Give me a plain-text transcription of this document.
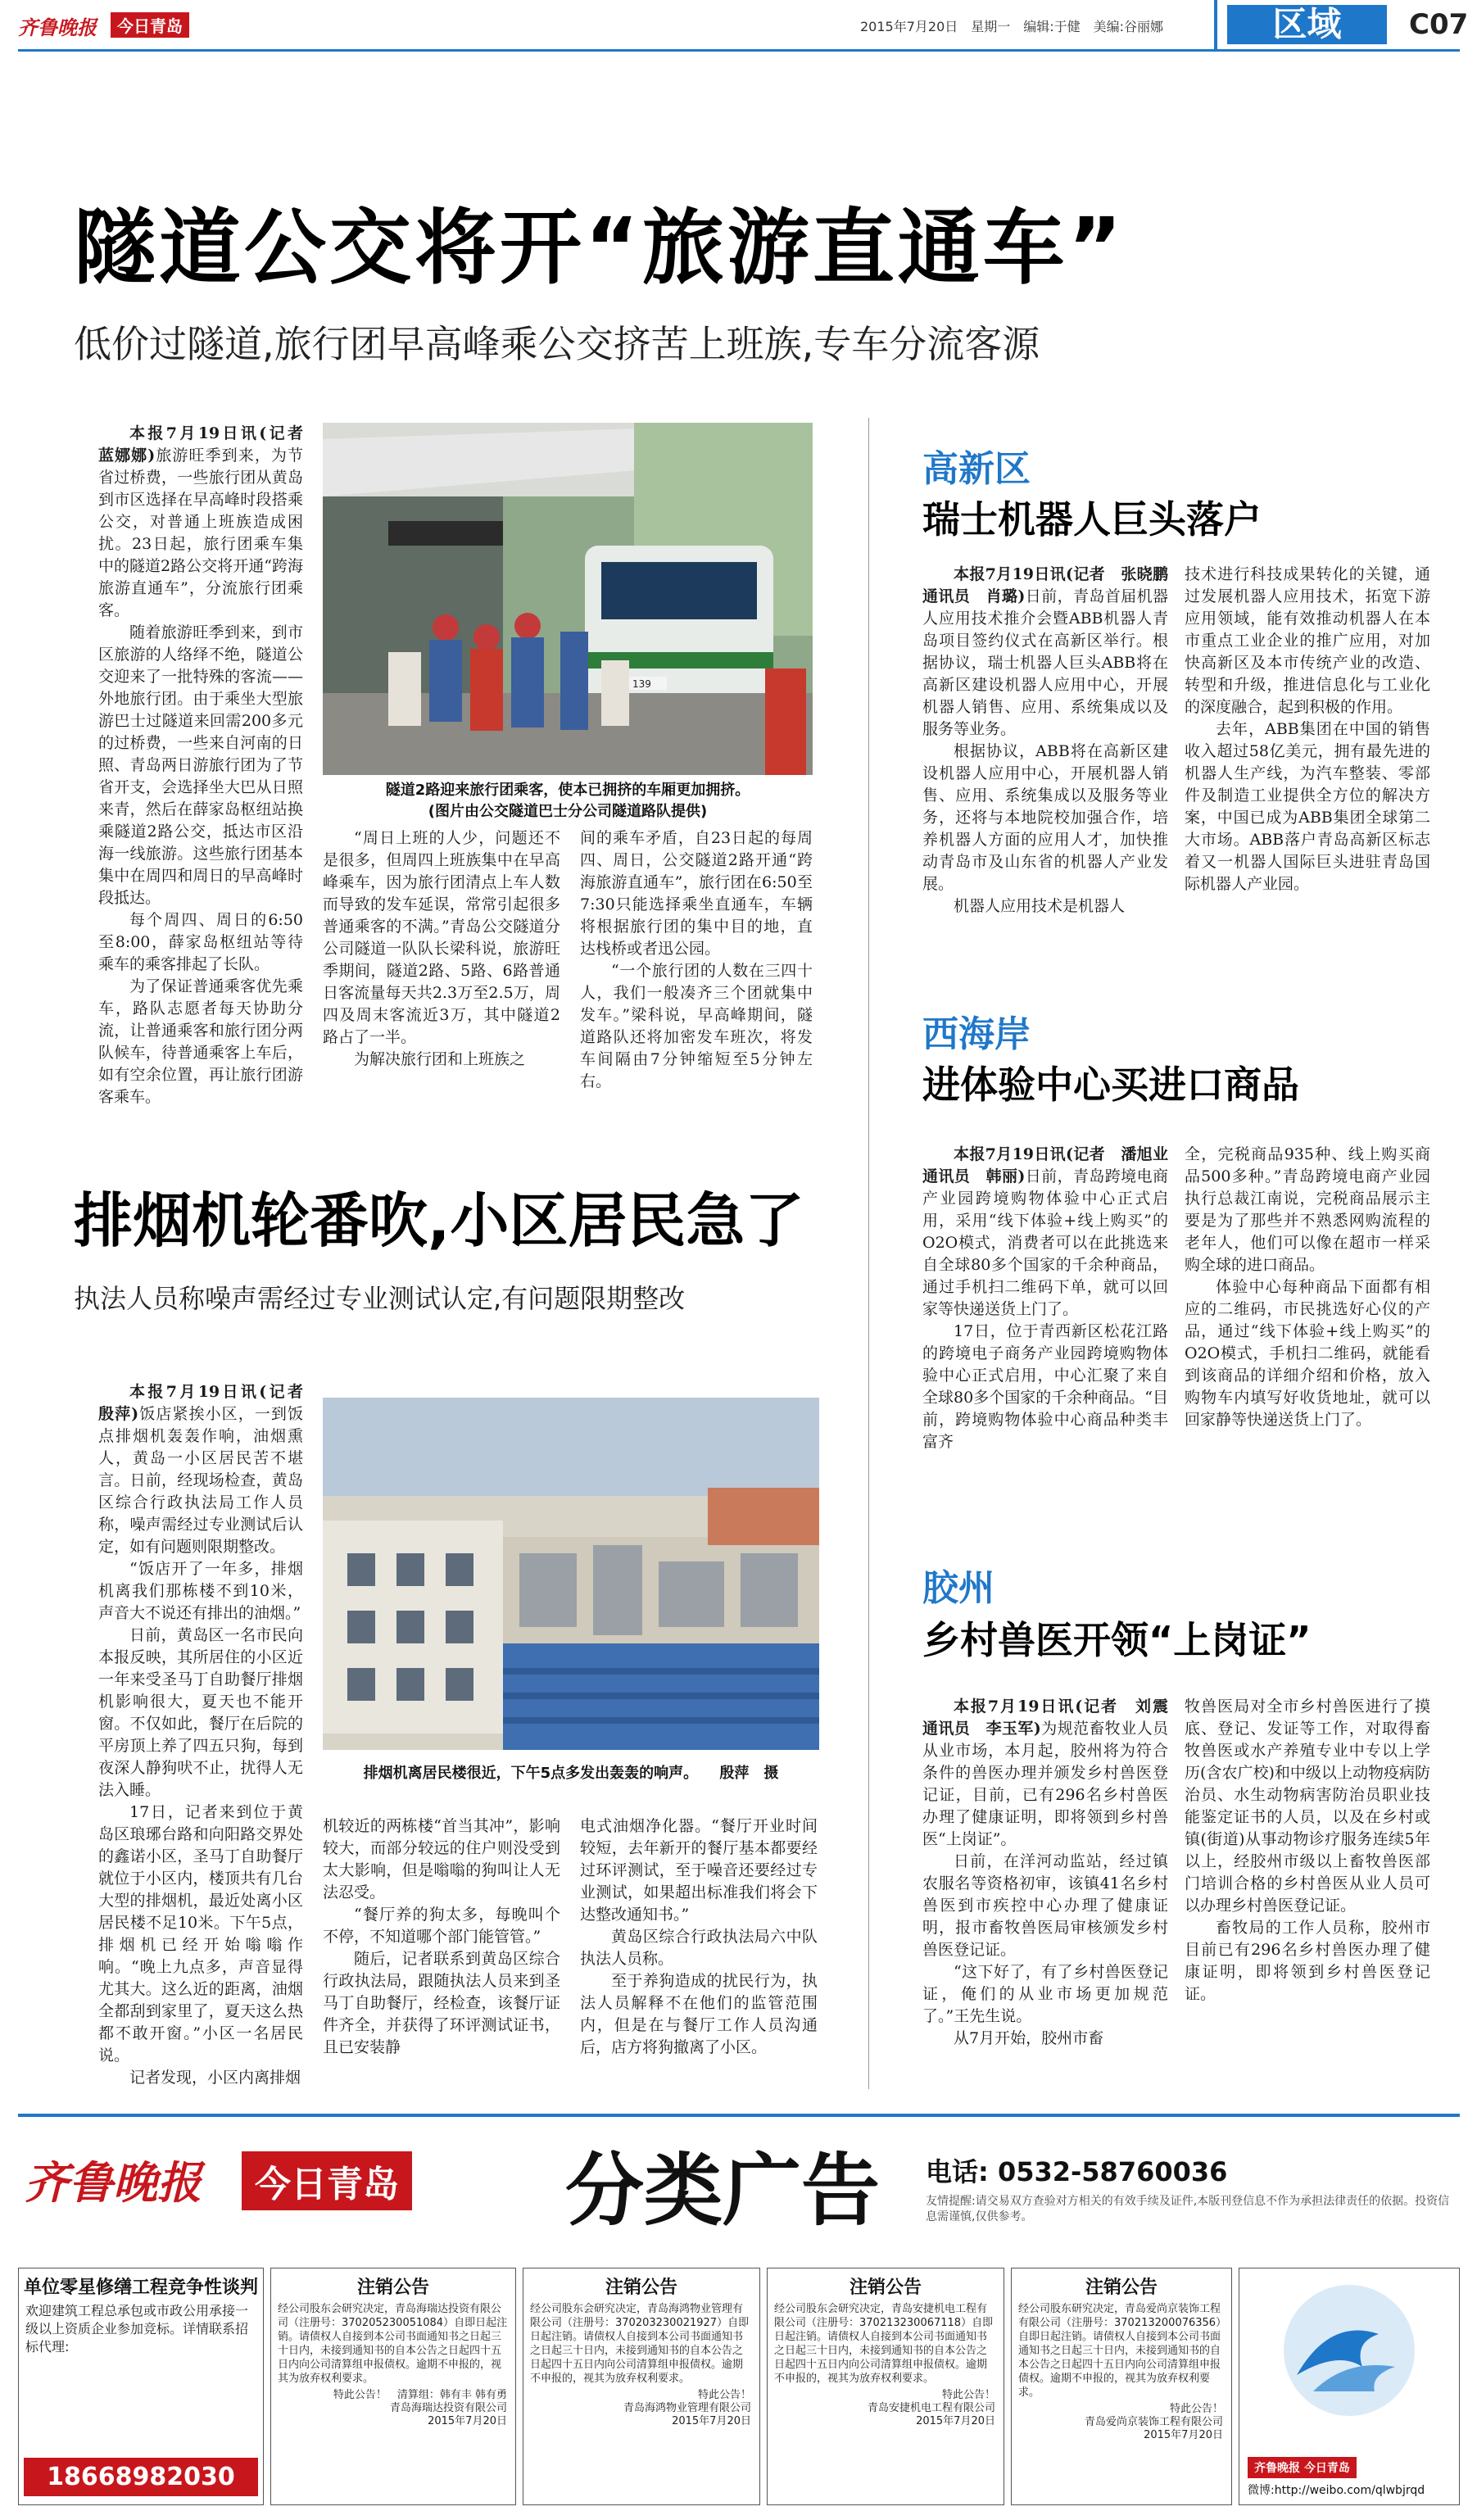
齐鲁晚报	今日青岛	2015年7月20日　星期一　编辑:于健　美编:谷丽娜	区域	C07
隧道公交将开“旅游直通车”
低价过隧道,旅行团早高峰乘公交挤苦上班族,专车分流客源

本报7月19日讯(记者　蓝娜娜)旅游旺季到来，为节省过桥费，一些旅行团从黄岛到市区选择在早高峰时段搭乘公交，对普通上班族造成困扰。23日起，旅行团乘车集中的隧道2路公交将开通“跨海旅游直通车”，分流旅行团乘客。

随着旅游旺季到来，到市区旅游的人络绎不绝，隧道公交迎来了一批特殊的客流——外地旅行团。由于乘坐大型旅游巴士过隧道来回需200多元的过桥费，一些来自河南的日照、青岛两日游旅行团为了节省开支，会选择坐大巴从日照来青，然后在薛家岛枢纽站换乘隧道2路公交，抵达市区沿海一线旅游。这些旅行团基本集中在周四和周日的早高峰时段抵达。

每个周四、周日的6:50至8:00，薛家岛枢纽站等待乘车的乘客排起了长队。

为了保证普通乘客优先乘车，路队志愿者每天协助分流，让普通乘客和旅行团分两队候车，待普通乘客上车后，如有空余位置，再让旅行团游客乘车。

139
隧道2路迎来旅行团乘客，使本已拥挤的车厢更加拥挤。
(图片由公交隧道巴士分公司隧道路队提供)

“周日上班的人少，问题还不是很多，但周四上班族集中在早高峰乘车，因为旅行团清点上车人数而导致的发车延误，常常引起很多普通乘客的不满。”青岛公交隧道分公司隧道一队队长梁科说，旅游旺季期间，隧道2路、5路、6路普通日客流量每天共2.3万至2.5万，周四及周末客流近3万，其中隧道2路占了一半。

为解决旅行团和上班族之

间的乘车矛盾，自23日起的每周四、周日，公交隧道2路开通“跨海旅游直通车”，旅行团在6:50至7:30只能选择乘坐直通车，车辆将根据旅行团的集中目的地，直达栈桥或者迅公园。

“一个旅行团的人数在三四十人，我们一般凑齐三个团就集中发车。”梁科说，早高峰期间，隧道路队还将加密发车班次，将发车间隔由7分钟缩短至5分钟左右。

排烟机轮番吹,小区居民急了
执法人员称噪声需经过专业测试认定,有问题限期整改

本报7月19日讯(记者　殷萍)饭店紧挨小区，一到饭点排烟机轰轰作响，油烟熏人，黄岛一小区居民苦不堪言。日前，经现场检查，黄岛区综合行政执法局工作人员称，噪声需经过专业测试后认定，如有问题则限期整改。

“饭店开了一年多，排烟机离我们那栋楼不到10米，声音大不说还有排出的油烟。”

日前，黄岛区一名市民向本报反映，其所居住的小区近一年来受圣马丁自助餐厅排烟机影响很大，夏天也不能开窗。不仅如此，餐厅在后院的平房顶上养了四五只狗，每到夜深人静狗吠不止，扰得人无法入睡。

17日，记者来到位于黄岛区琅琊台路和向阳路交界处的鑫诺小区，圣马丁自助餐厅就位于小区内，楼顶共有几台大型的排烟机，最近处离小区居民楼不足10米。下午5点，排烟机已经开始嗡嗡作响。“晚上九点多，声音显得尤其大。这么近的距离，油烟全都刮到家里了，夏天这么热都不敢开窗。”小区一名居民说。

记者发现，小区内离排烟

排烟机离居民楼很近，下午5点多发出轰轰的响声。 殷萍　摄

机较近的两栋楼“首当其冲”，影响较大，而部分较远的住户则没受到太大影响，但是嗡嗡的狗叫让人无法忍受。

“餐厅养的狗太多，每晚叫个不停，不知道哪个部门能管管。”

随后，记者联系到黄岛区综合行政执法局，跟随执法人员来到圣马丁自助餐厅，经检查，该餐厅证件齐全，并获得了环评测试证书，且已安装静

电式油烟净化器。“餐厅开业时间较短，去年新开的餐厅基本都要经过环评测试，至于噪音还要经过专业测试，如果超出标准我们将会下达整改通知书。”

黄岛区综合行政执法局六中队执法人员称。

至于养狗造成的扰民行为，执法人员解释不在他们的监管范围内，但是在与餐厅工作人员沟通后，店方将狗撤离了小区。

高新区
瑞士机器人巨头落户

本报7月19日讯(记者　张晓鹏　通讯员　肖璐)日前，青岛首届机器人应用技术推介会暨ABB机器人青岛项目签约仪式在高新区举行。根据协议，瑞士机器人巨头ABB将在高新区建设机器人应用中心，开展机器人销售、应用、系统集成以及服务等业务。

根据协议，ABB将在高新区建设机器人应用中心，开展机器人销售、应用、系统集成以及服务等业务，还将与本地院校加强合作，培养机器人方面的应用人才，加快推动青岛市及山东省的机器人产业发展。

机器人应用技术是机器人

技术进行科技成果转化的关键，通过发展机器人应用技术，拓宽下游应用领域，能有效推动机器人在本市重点工业企业的推广应用，对加快高新区及本市传统产业的改造、转型和升级，推进信息化与工业化的深度融合，起到积极的作用。

去年，ABB集团在中国的销售收入超过58亿美元，拥有最先进的机器人生产线，为汽车整装、零部件及制造工业提供全方位的解决方案，中国已成为ABB集团全球第二大市场。ABB落户青岛高新区标志着又一机器人国际巨头进驻青岛国际机器人产业园。

西海岸
进体验中心买进口商品

本报7月19日讯(记者　潘旭业　通讯员　韩丽)日前，青岛跨境电商产业园跨境购物体验中心正式启用，采用“线下体验+线上购买”的O2O模式，消费者可以在此挑选来自全球80多个国家的千余种商品，通过手机扫二维码下单，就可以回家等快递送货上门了。

17日，位于青西新区松花江路的跨境电子商务产业园跨境购物体验中心正式启用，中心汇聚了来自全球80多个国家的千余种商品。“目前，跨境购物体验中心商品种类丰富齐

全，完税商品935种、线上购买商品500多种。”青岛跨境电商产业园执行总裁江南说，完税商品展示主要是为了那些并不熟悉网购流程的老年人，他们可以像在超市一样采购全球的进口商品。

体验中心每种商品下面都有相应的二维码，市民挑选好心仪的产品，通过“线下体验+线上购买”的O2O模式，手机扫二维码，就能看到该商品的详细介绍和价格，放入购物车内填写好收货地址，就可以回家静等快递送货上门了。

胶州
乡村兽医开领“上岗证”

本报7月19日讯(记者　刘震　通讯员　李玉军)为规范畜牧业人员从业市场，本月起，胶州将为符合条件的兽医办理并颁发乡村兽医登记证，目前，已有296名乡村兽医办理了健康证明，即将领到乡村兽医“上岗证”。

日前，在洋河动监站，经过镇农服名等资格初审，该镇41名乡村兽医到市疾控中心办理了健康证明，报市畜牧兽医局审核颁发乡村兽医登记证。

“这下好了，有了乡村兽医登记证，俺们的从业市场更加规范了。”王先生说。

从7月开始，胶州市畜

牧兽医局对全市乡村兽医进行了摸底、登记、发证等工作，对取得畜牧兽医或水产养殖专业中专以上学历(含农广校)和中级以上动物疫病防治员、水生动物病害防治员职业技能鉴定证书的人员，以及在乡村或镇(街道)从事动物诊疗服务连续5年以上，经胶州市级以上畜牧兽医部门培训合格的乡村兽医从业人员可以办理乡村兽医登记证。

畜牧局的工作人员称，胶州市目前已有296名乡村兽医办理了健康证明，即将领到乡村兽医登记证。

齐鲁晚报	今日青岛 分类广告 电话: 0532-58760036
友情提醒:请交易双方查验对方相关的有效手续及证件,本版刊登信息不作为承担法律责任的依据。投资信息需谨慎,仅供参考。
单位零星修缮工程竞争性谈判
欢迎建筑工程总承包或市政公用承接一级以上资质企业参加竞标。详情联系招标代理:
18668982030
注销公告
经公司股东会研究决定，青岛海瑞达投资有限公司（注册号：370205230051084）自即日起注销。请债权人自接到本公司书面通知书之日起三十日内，未接到通知书的自本公告之日起四十五日内向公司清算组申报债权。逾期不申报的，视其为放弃权利要求。
特此公告！　清算组：韩有丰 韩有勇
青岛海瑞达投资有限公司
2015年7月20日
注销公告
经公司股东会研究决定，青岛海鸿物业管理有限公司（注册号：370203230021927）自即日起注销。请债权人自接到本公司书面通知书之日起三十日内，未接到通知书的自本公告之日起四十五日内向公司清算组申报债权。逾期不申报的，视其为放弃权利要求。
特此公告！
青岛海鸿物业管理有限公司
2015年7月20日
注销公告
经公司股东会研究决定，青岛安捷机电工程有限公司（注册号：370213230067118）自即日起注销。请债权人自接到本公司书面通知书之日起三十日内，未接到通知书的自本公告之日起四十五日内向公司清算组申报债权。逾期不申报的，视其为放弃权利要求。
特此公告！
青岛安捷机电工程有限公司
2015年7月20日
注销公告
经公司股东研究决定，青岛爱尚京装饰工程有限公司（注册号：370213200076356）自即日起注销。请债权人自接到本公司书面通知书之日起三十日内，未接到通知书的自本公告之日起四十五日内向公司清算组申报债权。逾期不申报的，视其为放弃权利要求。
特此公告！
青岛爱尚京装饰工程有限公司
2015年7月20日
齐鲁晚报 今日青岛
微博:http://weibo.com/qlwbjrqd
